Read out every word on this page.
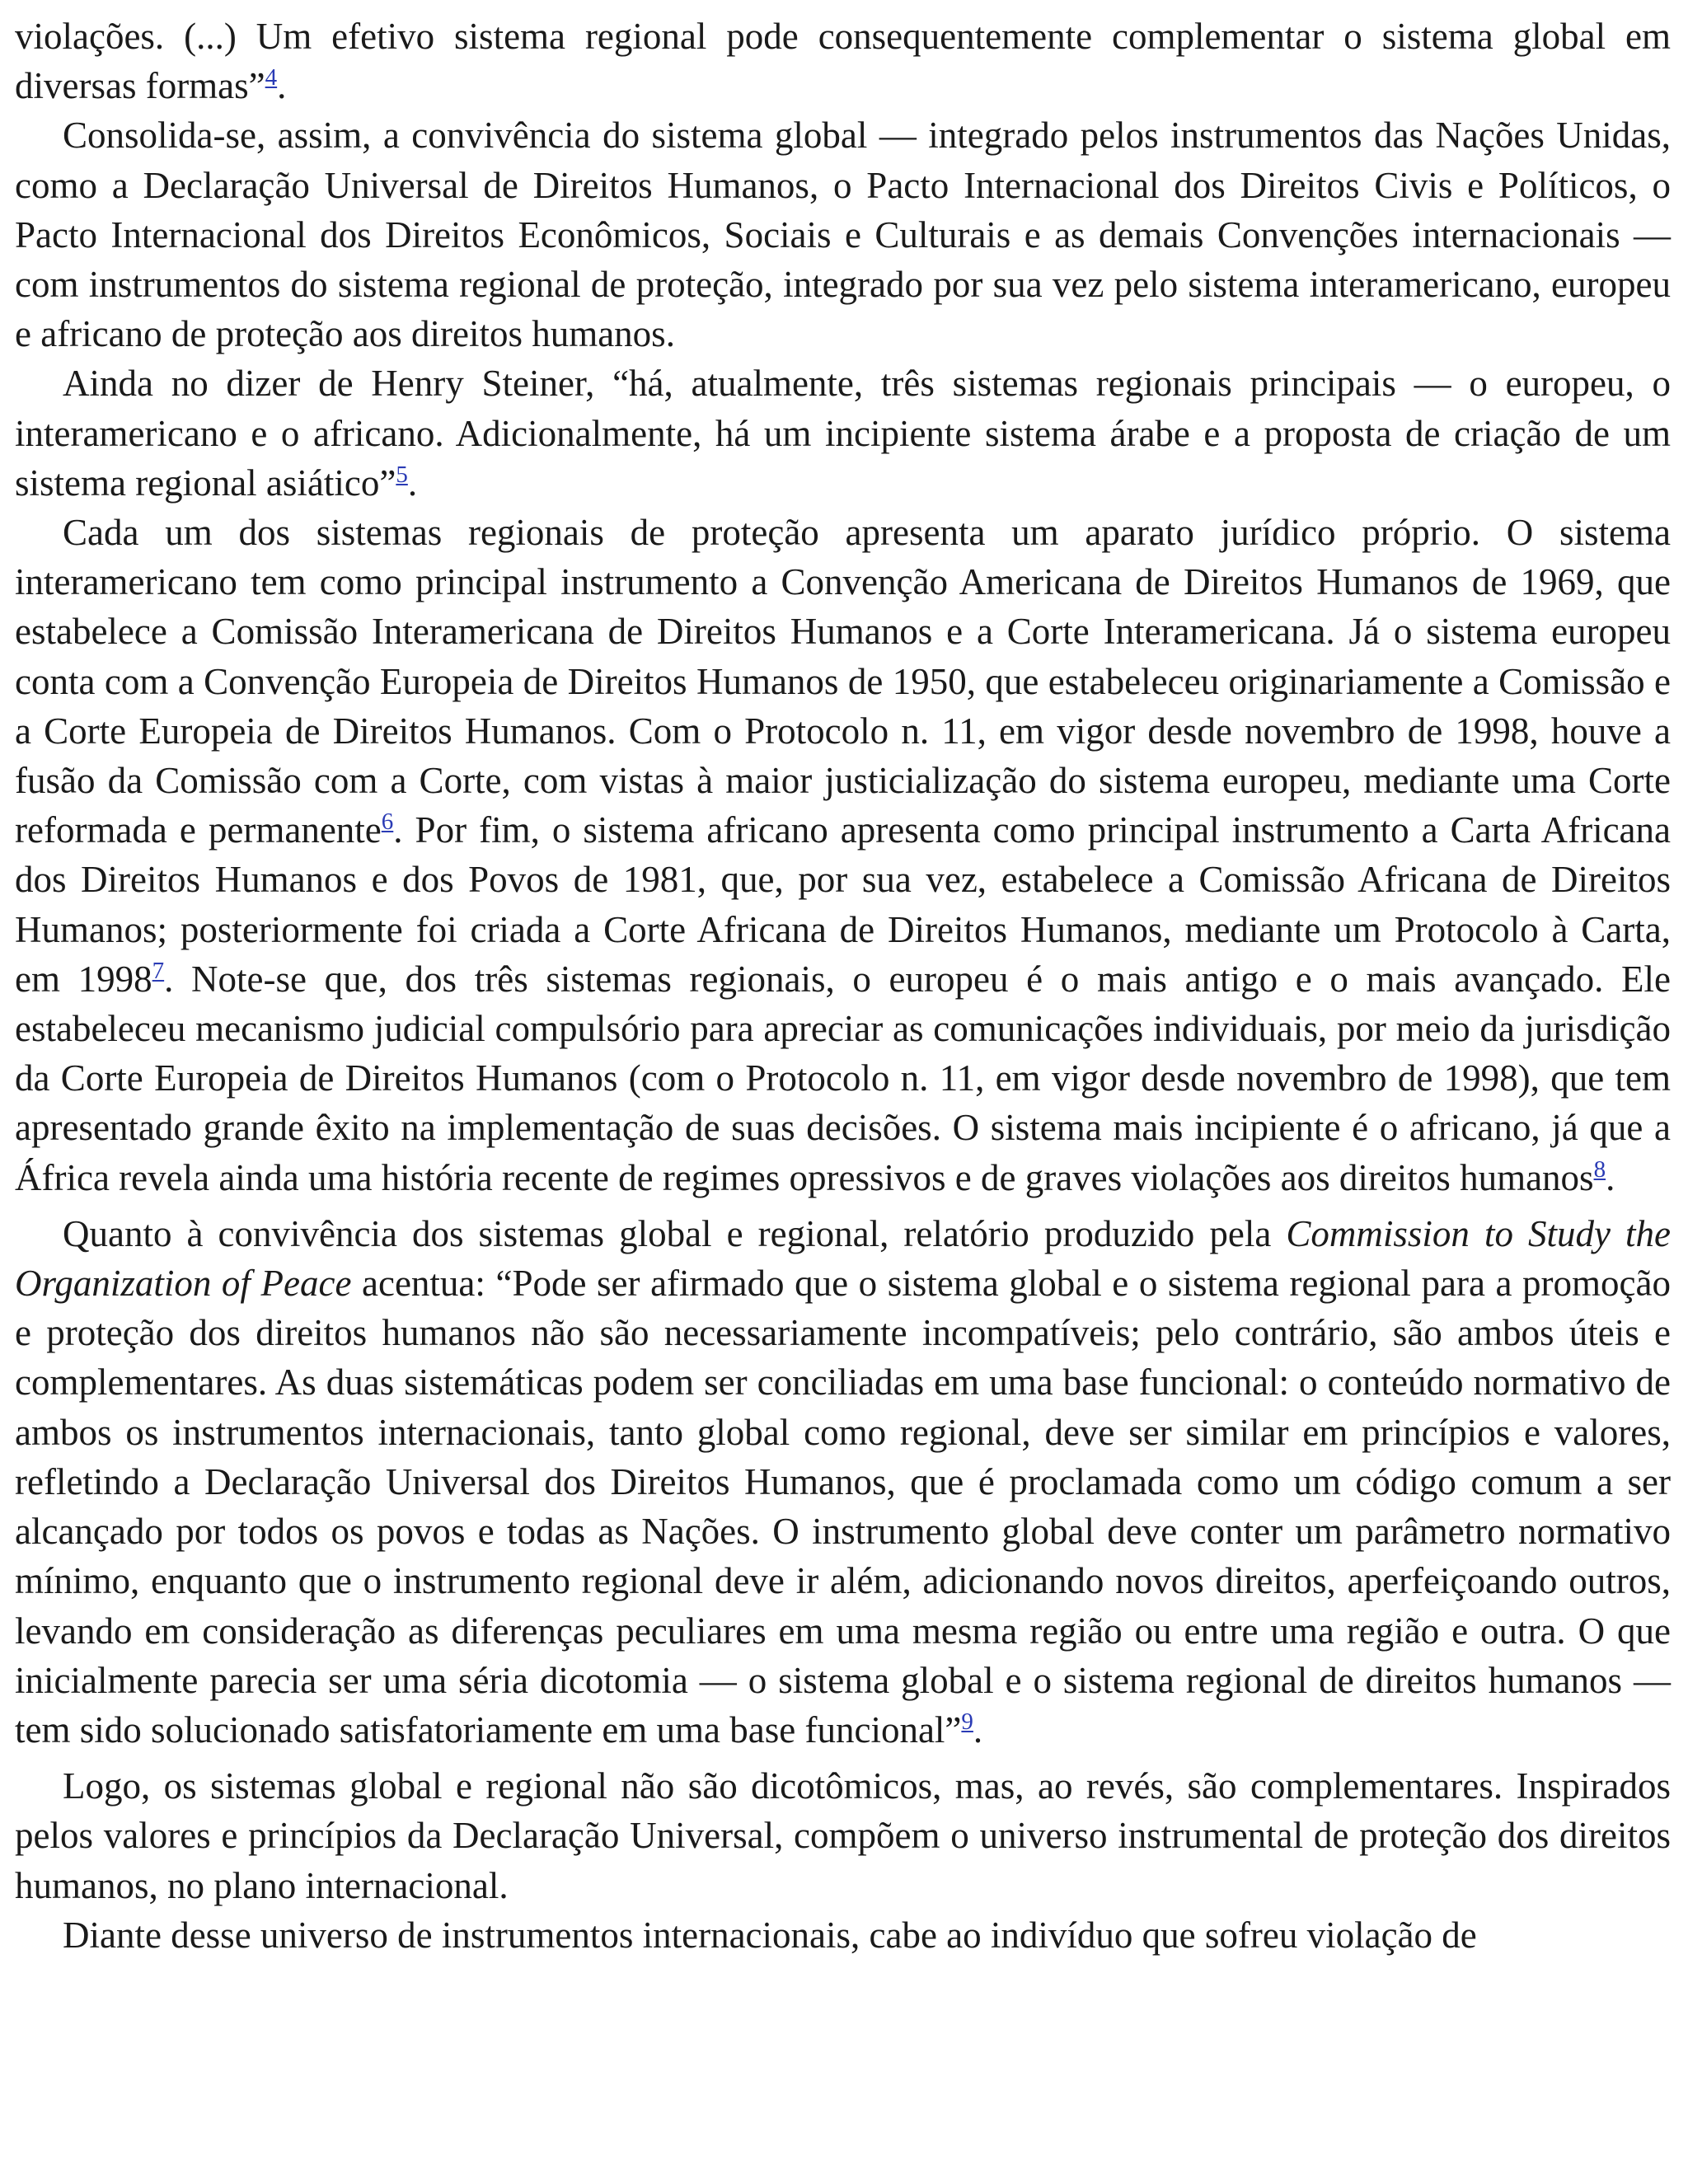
violações. (...) Um efetivo sistema regional pode consequentemente complementar o sistema global em diversas formas”$^4$.

Consolida-se, assim, a convivência do sistema global — integrado pelos instrumentos das Nações Unidas, como a Declaração Universal de Direitos Humanos, o Pacto Internacional dos Direitos Civis e Políticos, o Pacto Internacional dos Direitos Econômicos, Sociais e Culturais e as demais Convenções internacionais — com instrumentos do sistema regional de proteção, integrado por sua vez pelo sistema interamericano, europeu e africano de proteção aos direitos humanos.

Ainda no dizer de Henry Steiner, “há, atualmente, três sistemas regionais principais — o europeu, o interamericano e o africano. Adicionalmente, há um incipiente sistema árabe e a proposta de criação de um sistema regional asiático”$^5$.

Cada um dos sistemas regionais de proteção apresenta um aparato jurídico próprio. O sistema interamericano tem como principal instrumento a Convenção Americana de Direitos Humanos de 1969, que estabelece a Comissão Interamericana de Direitos Humanos e a Corte Interamericana. Já o sistema europeu conta com a Convenção Europeia de Direitos Humanos de 1950, que estabeleceu originariamente a Comissão e a Corte Europeia de Direitos Humanos. Com o Protocolo n. 11, em vigor desde novembro de 1998, houve a fusão da Comissão com a Corte, com vistas à maior justicialização do sistema europeu, mediante uma Corte reformada e permanente$^6$. Por fim, o sistema africano apresenta como principal instrumento a Carta Africana dos Direitos Humanos e dos Povos de 1981, que, por sua vez, estabelece a Comissão Africana de Direitos Humanos; posteriormente foi criada a Corte Africana de Direitos Humanos, mediante um Protocolo à Carta, em 1998$^7$. Note-se que, dos três sistemas regionais, o europeu é o mais antigo e o mais avançado. Ele estabeleceu mecanismo judicial compulsório para apreciar as comunicações individuais, por meio da jurisdição da Corte Europeia de Direitos Humanos (com o Protocolo n. 11, em vigor desde novembro de 1998), que tem apresentado grande êxito na implementação de suas decisões. O sistema mais incipiente é o africano, já que a África revela ainda uma história recente de regimes opressivos e de graves violações aos direitos humanos$^8$.

Quanto à convivência dos sistemas global e regional, relatório produzido pela Commission to Study the Organization of Peace acentua: “Pode ser afirmado que o sistema global e o sistema regional para a promoção e proteção dos direitos humanos não são necessariamente incompatíveis; pelo contrário, são ambos úteis e complementares. As duas sistemáticas podem ser conciliadas em uma base funcional: o conteúdo normativo de ambos os instrumentos internacionais, tanto global como regional, deve ser similar em princípios e valores, refletindo a Declaração Universal dos Direitos Humanos, que é proclamada como um código comum a ser alcançado por todos os povos e todas as Nações. O instrumento global deve conter um parâmetro normativo mínimo, enquanto que o instrumento regional deve ir além, adicionando novos direitos, aperfeiçoando outros, levando em consideração as diferenças peculiares em uma mesma região ou entre uma região e outra. O que inicialmente parecia ser uma séria dicotomia — o sistema global e o sistema regional de direitos humanos — tem sido solucionado satisfatoriamente em uma base funcional”$^9$.

Logo, os sistemas global e regional não são dicotômicos, mas, ao revés, são complementares. Inspirados pelos valores e princípios da Declaração Universal, compõem o universo instrumental de proteção dos direitos humanos, no plano internacional.

Diante desse universo de instrumentos internacionais, cabe ao indivíduo que sofreu violação de
